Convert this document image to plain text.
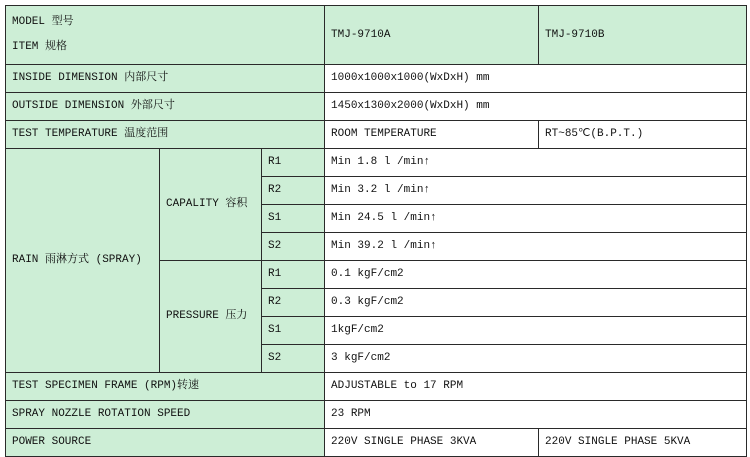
MODEL 型号
ITEM 规格			TMJ-9710A	TMJ-9710B
INSIDE DIMENSION 内部尺寸			1000x1000x1000(WxDxH) mm	
OUTSIDE DIMENSION 外部尺寸			1450x1300x2000(WxDxH) mm	
TEST TEMPERATURE 温度范围			ROOM TEMPERATURE	RT~85℃(B.P.T.)
RAIN 雨淋方式 (SPRAY)	CAPALITY 容积	R1	Min 1.8 l /min↑	
		R2	Min 3.2 l /min↑	
		S1	Min 24.5 l /min↑	
		S2	Min 39.2 l /min↑	
	PRESSURE 压力	R1	0.1 kgF/cm2	
		R2	0.3 kgF/cm2	
		S1	1kgF/cm2	
		S2	3 kgF/cm2	
TEST SPECIMEN FRAME (RPM)转速			ADJUSTABLE to 17 RPM	
SPRAY NOZZLE ROTATION SPEED			23 RPM	
POWER SOURCE			220V SINGLE PHASE 3KVA	220V SINGLE PHASE 5KVA
